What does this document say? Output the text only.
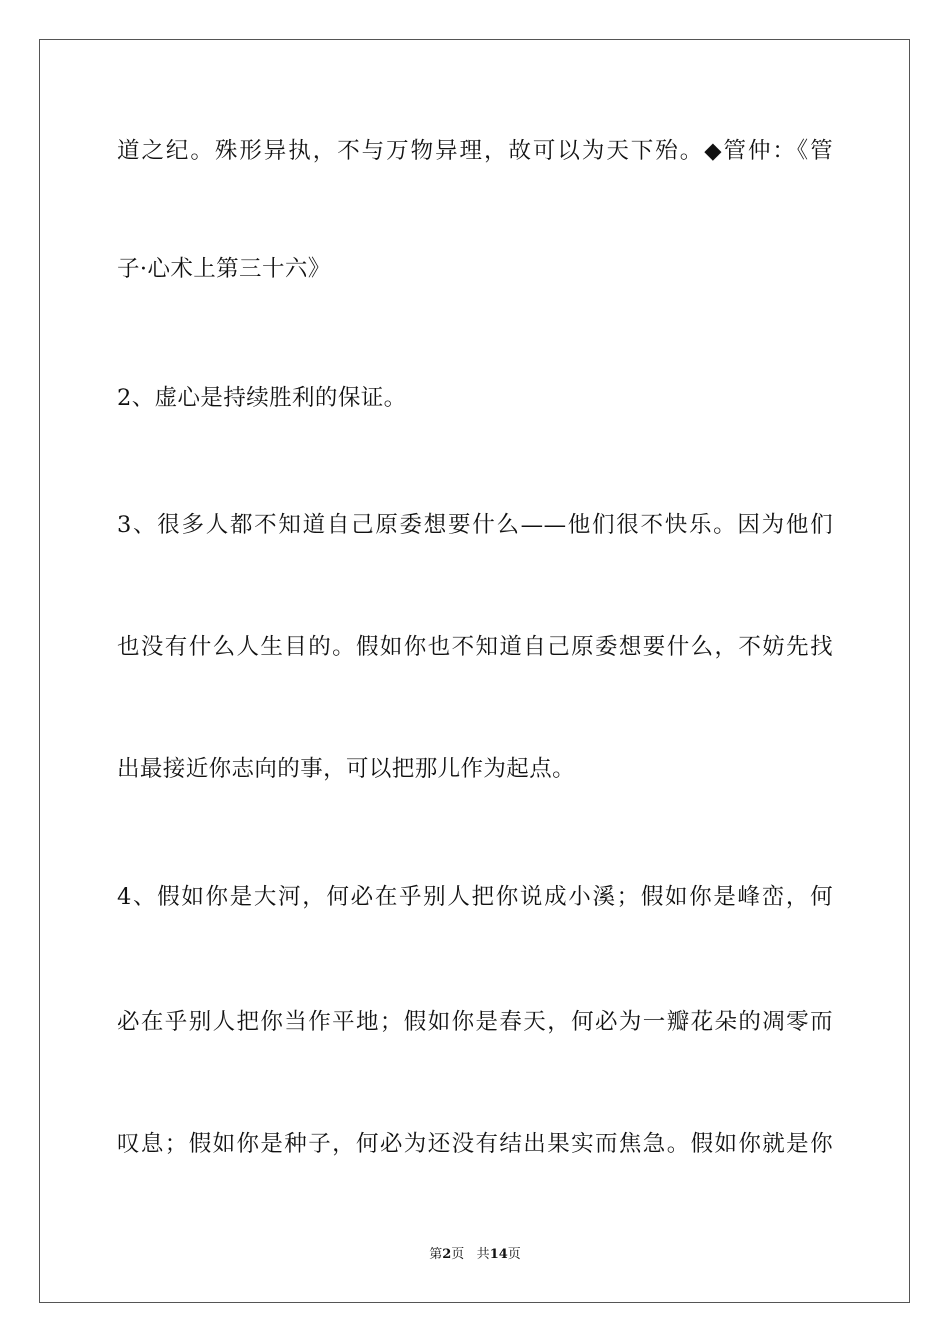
道之纪。殊形异执，不与万物异理，故可以为天下殆。◆管仲：《管
子·心术上第三十六》
2、虚心是持续胜利的保证。
3、很多人都不知道自己原委想要什么——他们很不快乐。因为他们
也没有什么人生目的。假如你也不知道自己原委想要什么，不妨先找
出最接近你志向的事，可以把那儿作为起点。
4、假如你是大河，何必在乎别人把你说成小溪；假如你是峰峦，何
必在乎别人把你当作平地；假如你是春天，何必为一瓣花朵的凋零而
叹息；假如你是种子，何必为还没有结出果实而焦急。假如你就是你
第2页 共14页
